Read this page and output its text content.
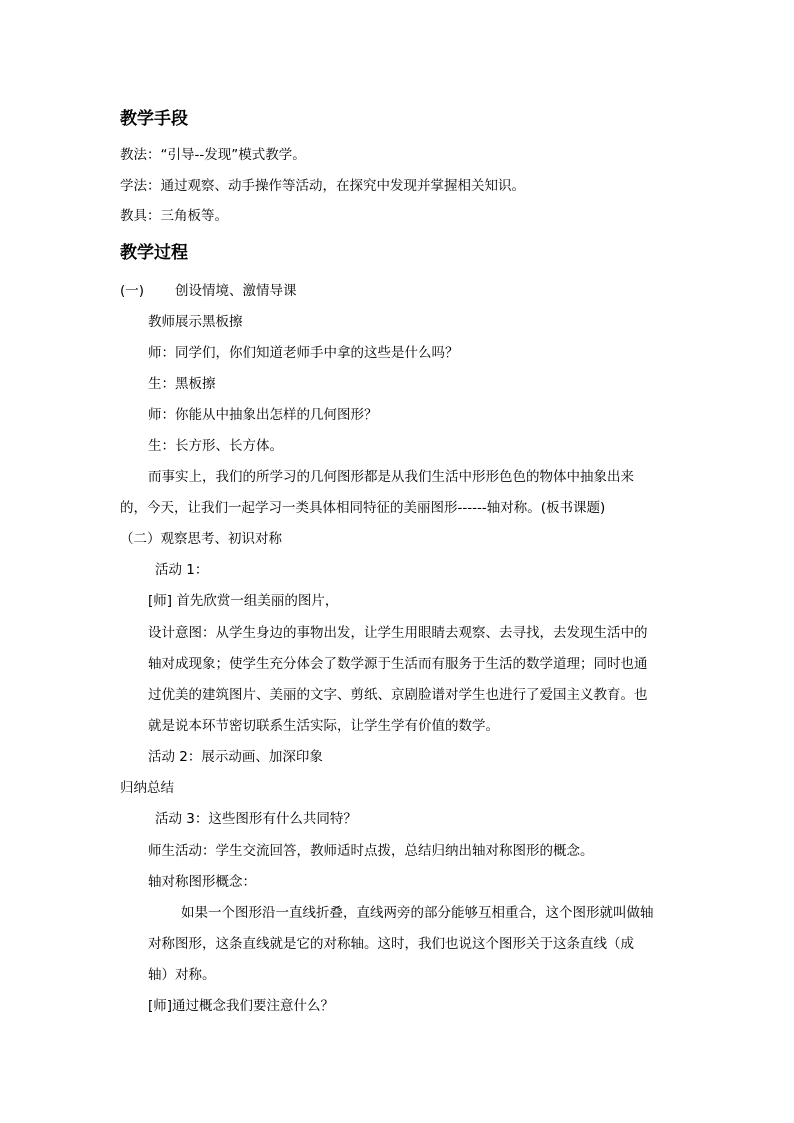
教学手段
教法：“引导--发现”模式教学。
学法：通过观察、动手操作等活动，在探究中发现并掌握相关知识。
教具：三角板等。
教学过程
(一) 创设情境、激情导课
教师展示黑板擦
师：同学们，你们知道老师手中拿的这些是什么吗？
生：黑板擦
师：你能从中抽象出怎样的几何图形？
生：长方形、长方体。
而事实上，我们的所学习的几何图形都是从我们生活中形形色色的物体中抽象出来
的，今天，让我们一起学习一类具体相同特征的美丽图形------轴对称。(板书课题)
（二）观察思考、初识对称
活动 1：
[师] 首先欣赏一组美丽的图片，
设计意图：从学生身边的事物出发，让学生用眼睛去观察、去寻找，去发现生活中的
轴对成现象；使学生充分体会了数学源于生活而有服务于生活的数学道理；同时也通
过优美的建筑图片、美丽的文字、剪纸、京剧脸谱对学生也进行了爱国主义教育。也
就是说本环节密切联系生活实际，让学生学有价值的数学。
活动 2：展示动画、加深印象
归纳总结
活动 3：这些图形有什么共同特？
师生活动：学生交流回答，教师适时点拨，总结归纳出轴对称图形的概念。
轴对称图形概念：
如果一个图形沿一直线折叠，直线两旁的部分能够互相重合，这个图形就叫做轴
对称图形，这条直线就是它的对称轴。这时，我们也说这个图形关于这条直线（成
轴）对称。
[师]通过概念我们要注意什么？
